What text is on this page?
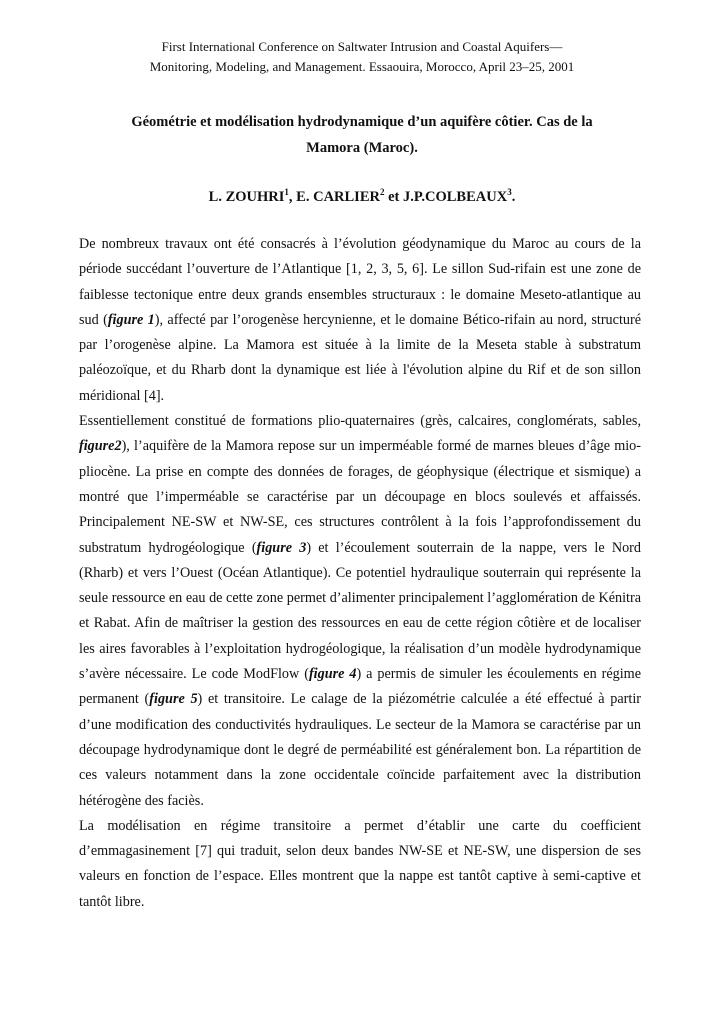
First International Conference on Saltwater Intrusion and Coastal Aquifers—
Monitoring, Modeling, and Management. Essaouira, Morocco, April 23–25, 2001
Géométrie et modélisation hydrodynamique d’un aquifère côtier. Cas de la
Mamora (Maroc).
L. ZOUHRI$^1$, E. CARLIER$^2$ et J.P.COLBEAUX$^3$.

De nombreux travaux ont été consacrés à l’évolution géodynamique du Maroc au cours de la période succédant l’ouverture de l’Atlantique [1, 2, 3, 5, 6]. Le sillon Sud-rifain est une zone de faiblesse tectonique entre deux grands ensembles structuraux : le domaine Meseto-atlantique au sud (figure 1), affecté par l’orogenèse hercynienne, et le domaine Bético-rifain au nord, structuré par l’orogenèse alpine. La Mamora est située à la limite de la Meseta stable à substratum paléozoïque, et du Rharb dont la dynamique est liée à l'évolution alpine du Rif et de son sillon méridional [4].

Essentiellement constitué de formations plio-quaternaires (grès, calcaires, conglomérats, sables, figure2), l’aquifère de la Mamora repose sur un imperméable formé de marnes bleues d’âge mio-pliocène. La prise en compte des données de forages, de géophysique (électrique et sismique) a montré que l’imperméable se caractérise par un découpage en blocs soulevés et affaissés. Principalement NE-SW et NW-SE, ces structures contrôlent à la fois l’approfondissement du substratum hydrogéologique (figure 3) et l’écoulement souterrain de la nappe, vers le Nord (Rharb) et vers l’Ouest (Océan Atlantique). Ce potentiel hydraulique souterrain qui représente la seule ressource en eau de cette zone permet d’alimenter principalement l’agglomération de Kénitra et Rabat. Afin de maîtriser la gestion des ressources en eau de cette région côtière et de localiser les aires favorables à l’exploitation hydrogéologique, la réalisation d’un modèle hydrodynamique s’avère nécessaire. Le code ModFlow (figure 4) a permis de simuler les écoulements en régime permanent (figure 5) et transitoire. Le calage de la piézométrie calculée a été effectué à partir d’une modification des conductivités hydrauliques. Le secteur de la Mamora se caractérise par un découpage hydrodynamique dont le degré de perméabilité est généralement bon. La répartition de ces valeurs notamment dans la zone occidentale coïncide parfaitement avec la distribution hétérogène des faciès.

La modélisation en régime transitoire a permet d’établir une carte du coefficient d’emmagasinement [7] qui traduit, selon deux bandes NW-SE et NE-SW, une dispersion de ses valeurs en fonction de l’espace. Elles montrent que la nappe est tantôt captive à semi-captive et tantôt libre.
